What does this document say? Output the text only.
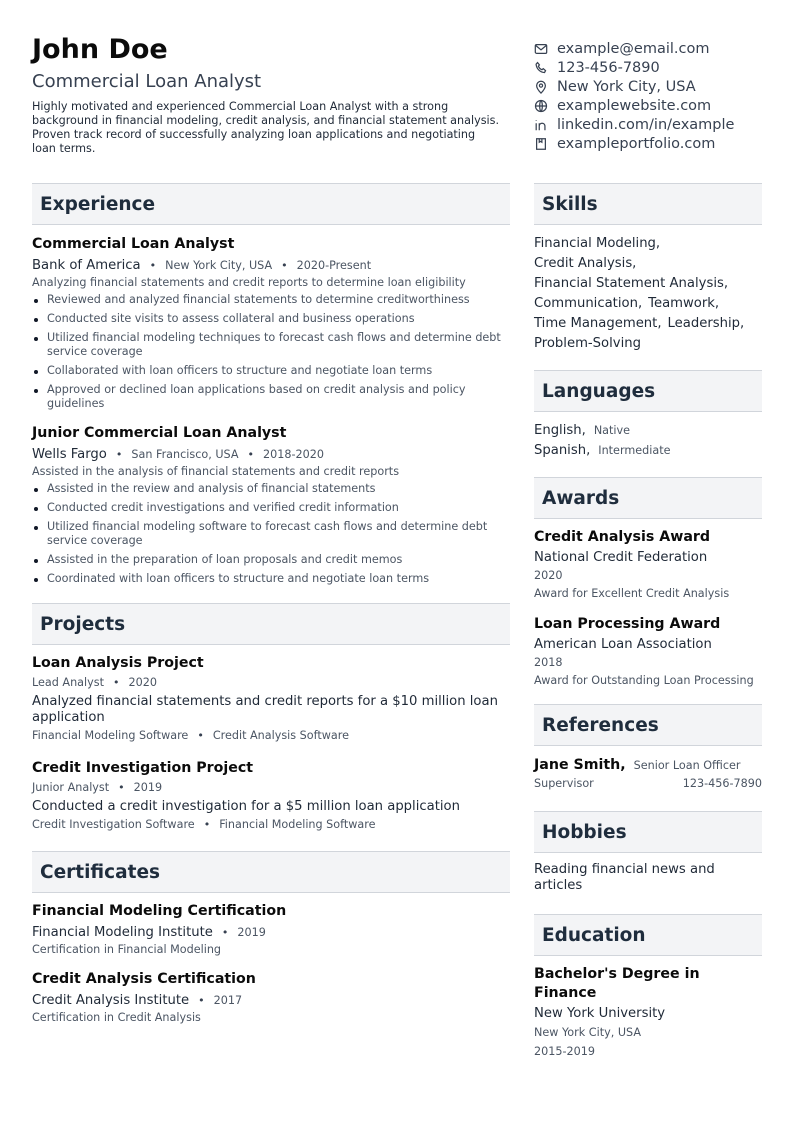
John Doe
Commercial Loan Analyst
Highly motivated and experienced Commercial Loan Analyst with a strong background in financial modeling, credit analysis, and financial statement analysis. Proven track record of successfully analyzing loan applications and negotiating loan terms.
example@email.com
123-456-7890
New York City, USA
examplewebsite.com
linkedin.com/in/example
exampleportfolio.com
Experience
Commercial Loan Analyst
Bank of America • New York City, USA • 2020-Present
Analyzing financial statements and credit reports to determine loan eligibility
Reviewed and analyzed financial statements to determine creditworthiness
Conducted site visits to assess collateral and business operations
Utilized financial modeling techniques to forecast cash flows and determine debt service coverage
Collaborated with loan officers to structure and negotiate loan terms
Approved or declined loan applications based on credit analysis and policy guidelines
Junior Commercial Loan Analyst
Wells Fargo • San Francisco, USA • 2018-2020
Assisted in the analysis of financial statements and credit reports
Assisted in the review and analysis of financial statements
Conducted credit investigations and verified credit information
Utilized financial modeling software to forecast cash flows and determine debt service coverage
Assisted in the preparation of loan proposals and credit memos
Coordinated with loan officers to structure and negotiate loan terms
Projects
Loan Analysis Project
Lead Analyst • 2020
Analyzed financial statements and credit reports for a $10 million loan application
Financial Modeling Software • Credit Analysis Software
Credit Investigation Project
Junior Analyst • 2019
Conducted a credit investigation for a $5 million loan application
Credit Investigation Software • Financial Modeling Software
Certificates
Financial Modeling Certification
Financial Modeling Institute • 2019
Certification in Financial Modeling
Credit Analysis Certification
Credit Analysis Institute • 2017
Certification in Credit Analysis
Skills
Financial Modeling,
Credit Analysis,
Financial Statement Analysis,
Communication, Teamwork,
Time Management, Leadership,
Problem-Solving
Languages
English, Native
Spanish, Intermediate
Awards
Credit Analysis Award
National Credit Federation
2020
Award for Excellent Credit Analysis
Loan Processing Award
American Loan Association
2018
Award for Outstanding Loan Processing
References
Jane Smith, Senior Loan Officer
Supervisor	123-456-7890
Hobbies
Reading financial news and articles
Education
Bachelor's Degree in Finance
New York University
New York City, USA
2015-2019
